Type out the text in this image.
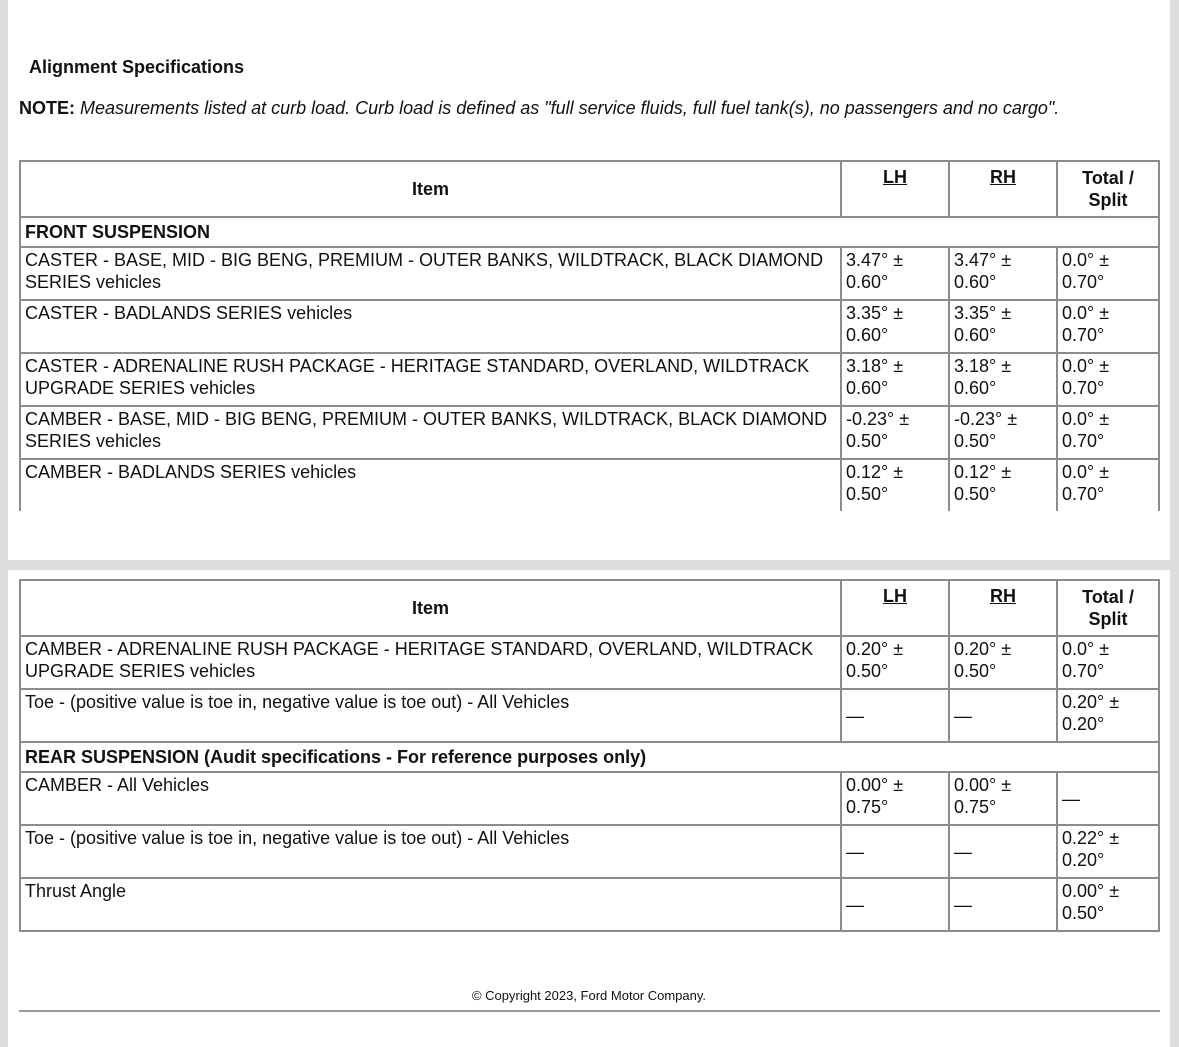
Alignment Specifications
NOTE: Measurements listed at curb load. Curb load is defined as "full service fluids, full fuel tank(s), no passengers and no cargo".
Item	LH	RH	Total /
Split
FRONT SUSPENSION			
CASTER - BASE, MID - BIG BENG, PREMIUM - OUTER BANKS, WILDTRACK, BLACK DIAMOND SERIES vehicles	3.47° ±
0.60°	3.47° ±
0.60°	0.0° ±
0.70°
CASTER - BADLANDS SERIES vehicles	3.35° ±
0.60°	3.35° ±
0.60°	0.0° ±
0.70°
CASTER - ADRENALINE RUSH PACKAGE - HERITAGE STANDARD, OVERLAND, WILDTRACK UPGRADE SERIES vehicles	3.18° ±
0.60°	3.18° ±
0.60°	0.0° ±
0.70°
CAMBER - BASE, MID - BIG BENG, PREMIUM - OUTER BANKS, WILDTRACK, BLACK DIAMOND SERIES vehicles	-0.23° ±
0.50°	-0.23° ±
0.50°	0.0° ±
0.70°
CAMBER - BADLANDS SERIES vehicles	0.12° ±
0.50°	0.12° ±
0.50°	0.0° ±
0.70°
Item	LH	RH	Total /
Split
CAMBER - ADRENALINE RUSH PACKAGE - HERITAGE STANDARD, OVERLAND, WILDTRACK UPGRADE SERIES vehicles	0.20° ±
0.50°	0.20° ±
0.50°	0.0° ±
0.70°
Toe - (positive value is toe in, negative value is toe out) - All Vehicles	—	—	0.20° ±
0.20°
REAR SUSPENSION (Audit specifications - For reference purposes only)			
CAMBER - All Vehicles	0.00° ±
0.75°	0.00° ±
0.75°	—
Toe - (positive value is toe in, negative value is toe out) - All Vehicles	—	—	0.22° ±
0.20°
Thrust Angle	—	—	0.00° ±
0.50°
© Copyright 2023, Ford Motor Company.
